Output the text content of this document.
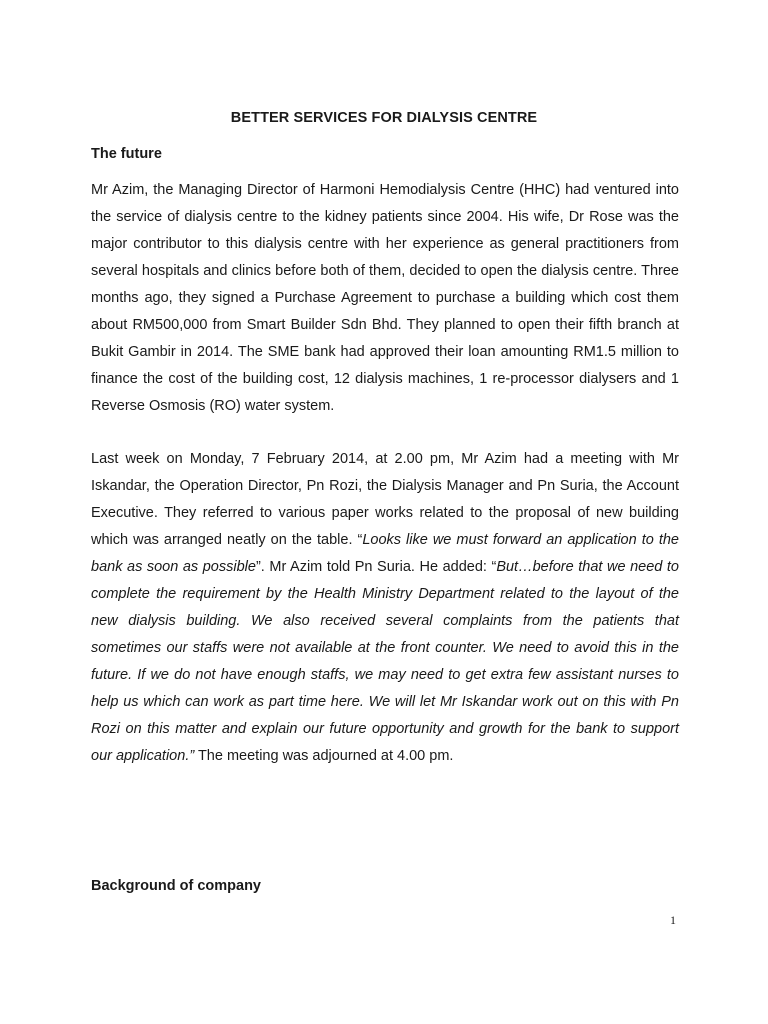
BETTER SERVICES FOR DIALYSIS CENTRE
The future
Mr Azim, the Managing Director of Harmoni Hemodialysis Centre (HHC) had ventured into the service of dialysis centre to the kidney patients since 2004. His wife, Dr Rose was the major contributor to this dialysis centre with her experience as general practitioners from several hospitals and clinics before both of them, decided to open the dialysis centre. Three months ago, they signed a Purchase Agreement to purchase a building which cost them about RM500,000 from Smart Builder Sdn Bhd. They planned to open their fifth branch at Bukit Gambir in 2014. The SME bank had approved their loan amounting RM1.5 million to finance the cost of the building cost, 12 dialysis machines, 1 re-processor dialysers and 1 Reverse Osmosis (RO) water system.
Last week on Monday, 7 February 2014, at 2.00 pm, Mr Azim had a meeting with Mr Iskandar, the Operation Director, Pn Rozi, the Dialysis Manager and Pn Suria, the Account Executive. They referred to various paper works related to the proposal of new building which was arranged neatly on the table. “Looks like we must forward an application to the bank as soon as possible”. Mr Azim told Pn Suria. He added: “But…before that we need to complete the requirement by the Health Ministry Department related to the layout of the new dialysis building. We also received several complaints from the patients that sometimes our staffs were not available at the front counter. We need to avoid this in the future. If we do not have enough staffs, we may need to get extra few assistant nurses to help us which can work as part time here. We will let Mr Iskandar work out on this with Pn Rozi on this matter and explain our future opportunity and growth for the bank to support our application.” The meeting was adjourned at 4.00 pm.
Background of company
1
